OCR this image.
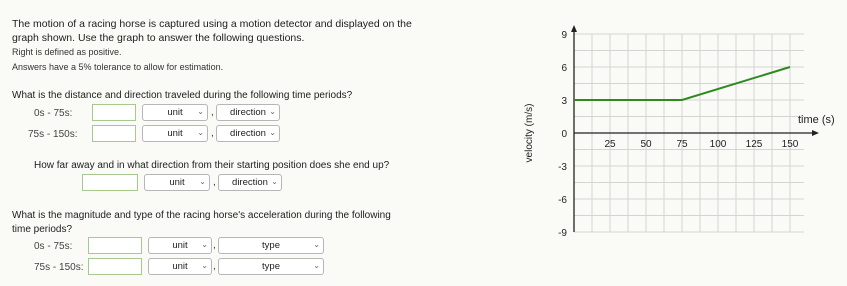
The motion of a racing horse is captured using a motion detector and displayed on the
graph shown. Use the graph to answer the following questions.
Right is defined as positive.
Answers have a 5% tolerance to allow for estimation.
What is the distance and direction traveled during the following time periods?
0s - 75s:	unit ⌄ , direction ⌄
75s - 150s:	unit ⌄ , direction ⌄
How far away and in what direction from their starting position does she end up?
unit ⌄ , direction ⌄
What is the magnitude and type of the racing horse's acceleration during the following
time periods?
0s - 75s:	unit ⌄ ,	type	⌄
75s - 150s:	unit ⌄ ,	type	⌄
9
6
3
0
-3
-6
-9
25 50 75 100 125 150
time (s)
velocity (m/s)
